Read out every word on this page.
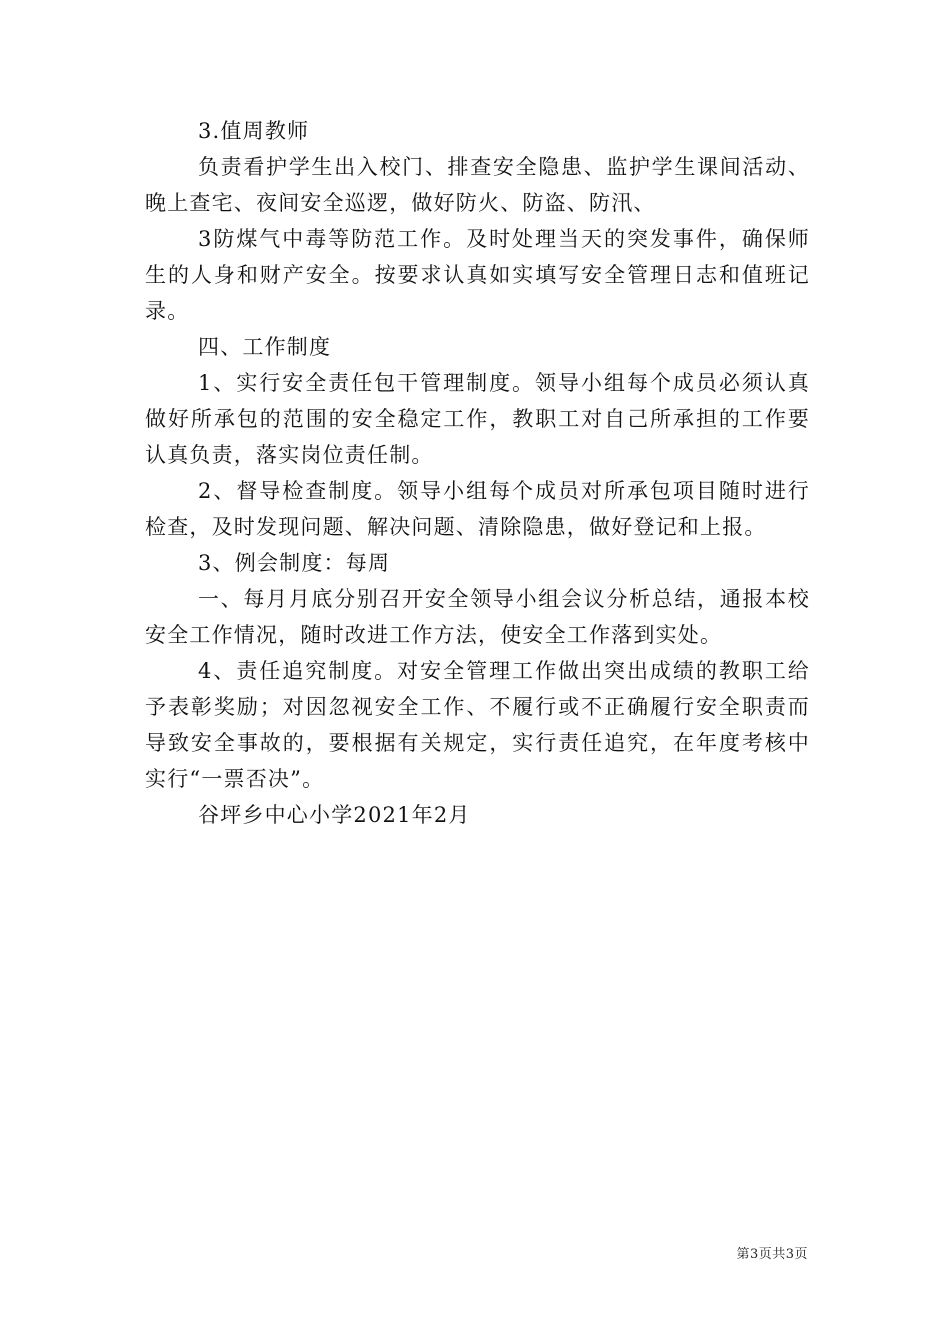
3.值周教师

负责看护学生出入校门、排查安全隐患、监护学生课间活动、晚上查宅、夜间安全巡逻，做好防火、防盗、防汛、

3防煤气中毒等防范工作。及时处理当天的突发事件，确保师生的人身和财产安全。按要求认真如实填写安全管理日志和值班记录。

四、工作制度

1、实行安全责任包干管理制度。领导小组每个成员必须认真做好所承包的范围的安全稳定工作，教职工对自己所承担的工作要认真负责，落实岗位责任制。

2、督导检查制度。领导小组每个成员对所承包项目随时进行检查，及时发现问题、解决问题、清除隐患，做好登记和上报。

3、例会制度：每周

一、每月月底分别召开安全领导小组会议分析总结，通报本校安全工作情况，随时改进工作方法，使安全工作落到实处。

4、责任追究制度。对安全管理工作做出突出成绩的教职工给予表彰奖励；对因忽视安全工作、不履行或不正确履行安全职责而导致安全事故的，要根据有关规定，实行责任追究，在年度考核中实行“一票否决”。

谷坪乡中心小学2021年2月

第3页共3页
